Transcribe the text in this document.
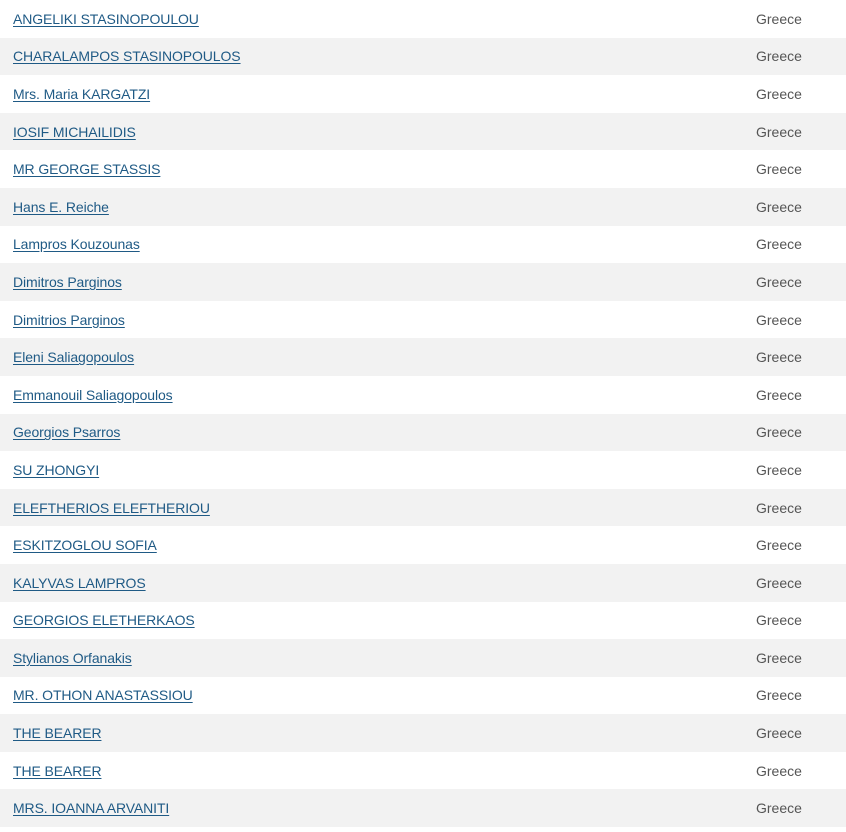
ANGELIKI STASINOPOULOU	Greece
CHARALAMPOS STASINOPOULOS	Greece
Mrs. Maria KARGATZI	Greece
IOSIF MICHAILIDIS	Greece
MR GEORGE STASSIS	Greece
Hans E. Reiche	Greece
Lampros Kouzounas	Greece
Dimitros Parginos	Greece
Dimitrios Parginos	Greece
Eleni Saliagopoulos	Greece
Emmanouil Saliagopoulos	Greece
Georgios Psarros	Greece
SU ZHONGYI	Greece
ELEFTHERIOS ELEFTHERIOU	Greece
ESKITZOGLOU SOFIA	Greece
KALYVAS LAMPROS	Greece
GEORGIOS ELETHERKAOS	Greece
Stylianos Orfanakis	Greece
MR. OTHON ANASTASSIOU	Greece
THE BEARER	Greece
THE BEARER	Greece
MRS. IOANNA ARVANITI	Greece
